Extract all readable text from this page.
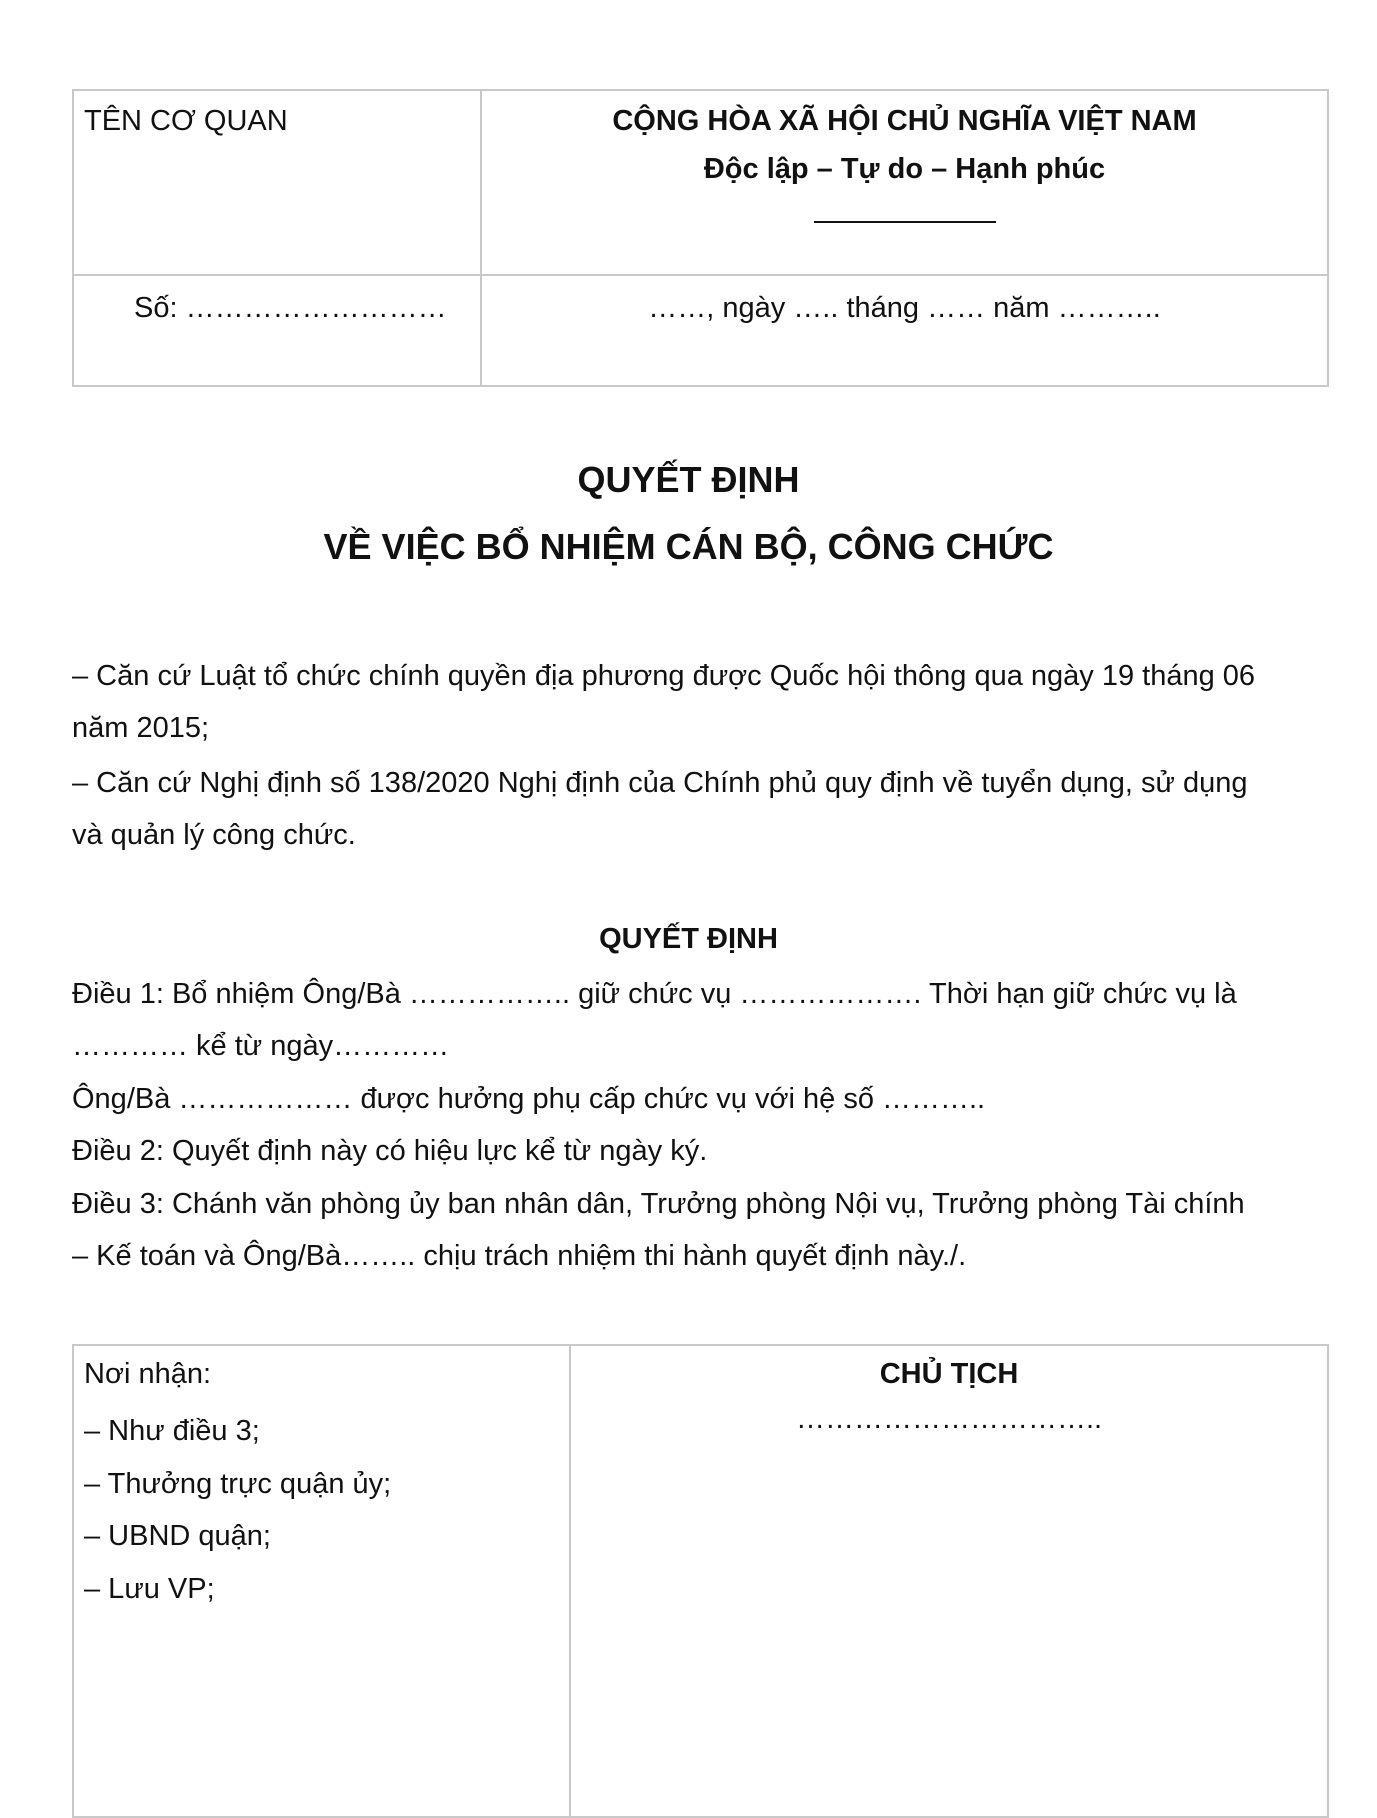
TÊN CƠ QUAN	CỘNG HÒA XÃ HỘI CHỦ NGHĨA VIỆT NAM
Độc lập – Tự do – Hạnh phúc

Số: ………………………	……, ngày ….. tháng …… năm ………..
QUYẾT ĐỊNH
VỀ VIỆC BỔ NHIỆM CÁN BỘ, CÔNG CHỨC
– Căn cứ Luật tổ chức chính quyền địa phương được Quốc hội thông qua ngày 19 tháng 06
năm 2015;
– Căn cứ Nghị định số 138/2020 Nghị định của Chính phủ quy định về tuyển dụng, sử dụng
và quản lý công chức.
QUYẾT ĐỊNH
Điều 1: Bổ nhiệm Ông/Bà …………….. giữ chức vụ ………………. Thời hạn giữ chức vụ là
………… kể từ ngày…………
Ông/Bà ……………… được hưởng phụ cấp chức vụ với hệ số ………..
Điều 2: Quyết định này có hiệu lực kể từ ngày ký.
Điều 3: Chánh văn phòng ủy ban nhân dân, Trưởng phòng Nội vụ, Trưởng phòng Tài chính
– Kế toán và Ông/Bà…….. chịu trách nhiệm thi hành quyết định này./.
Nơi nhận:
– Như điều 3;
– Thưởng trực quận ủy;
– UBND quận;
– Lưu VP;

CHỦ TỊCH
…………………………..
